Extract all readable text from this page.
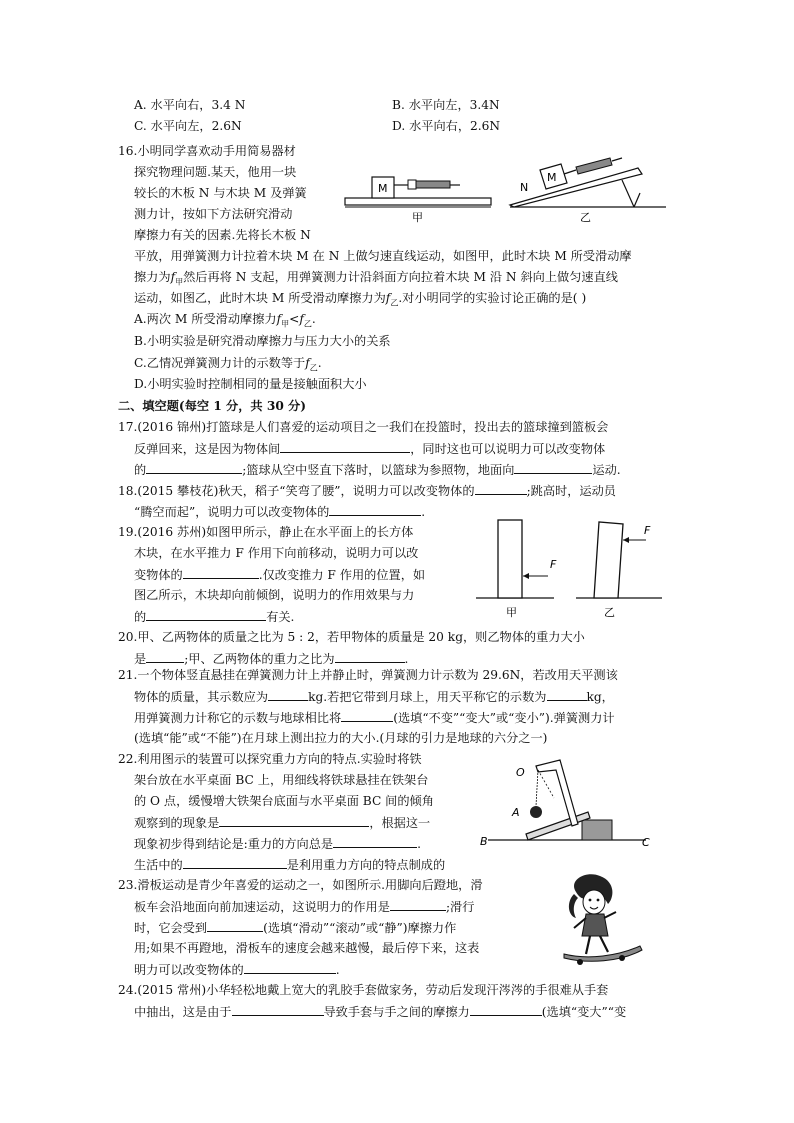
A. 水平向右，3.4 N	B. 水平向左，3.4N
C. 水平向左，2.6N	D. 水平向右，2.6N
16.小明同学喜欢动手用简易器材
探究物理问题.某天，他用一块
较长的木板 N 与木块 M 及弹簧
测力计，按如下方法研究滑动
摩擦力有关的因素.先将长木板 N
平放，用弹簧测力计拉着木块 M 在 N 上做匀速直线运动，如图甲，此时木块 M 所受滑动摩
擦力为$f_甲$然后再将 N 支起，用弹簧测力计沿斜面方向拉着木块 M 沿 N 斜向上做匀速直线
运动，如图乙，此时木块 M 所受滑动摩擦力为$f_乙$.对小明同学的实验讨论正确的是( )
A.两次 M 所受滑动摩擦力$f_甲<f_乙$.
B.小明实验是研究滑动摩擦力与压力大小的关系
C.乙情况弹簧测力计的示数等于$f_乙$.
D.小明实验时控制相同的量是接触面积大小
M
甲
N
M
乙
二、填空题(每空 1 分，共 30 分)
17.(2016 锦州)打篮球是人们喜爱的运动项目之一我们在投篮时，投出去的篮球撞到篮板会
反弹回来，这是因为物体间	，同时这也可以说明力可以改变物体
的	;篮球从空中竖直下落时，以篮球为参照物，地面向	运动.
18.(2015 攀枝花)秋天，稻子“笑弯了腰”，说明力可以改变物体的	;跳高时，运动员
“腾空而起”，说明力可以改变物体的	.
19.(2016 苏州)如图甲所示，静止在水平面上的长方体
木块，在水平推力 F 作用下向前移动，说明力可以改
变物体的	.仅改变推力 F 作用的位置，如
图乙所示，木块却向前倾倒，说明力的作用效果与力
的	有关.
F
甲
F
乙
20.甲、乙两物体的质量之比为 5 : 2，若甲物体的质量是 20 kg，则乙物体的重力大小
是	;甲、乙两物体的重力之比为	.
21.一个物体竖直悬挂在弹簧测力计上并静止时，弹簧测力计示数为 29.6N，若改用天平测该
物体的质量，其示数应为	kg.若把它带到月球上，用天平称它的示数为	kg，
用弹簧测力计称它的示数与地球相比将	(选填“不变”“变大”或“变小”).弹簧测力计
(选填“能”或“不能”)在月球上测出拉力的大小.(月球的引力是地球的六分之一)
22.利用图示的装置可以探究重力方向的特点.实验时将铁
架台放在水平桌面 BC 上，用细线将铁球悬挂在铁架台
的 O 点，缓慢增大铁架台底面与水平桌面 BC 间的倾角
观察到的现象是	，根据这一
现象初步得到结论是:重力的方向总是	.
生活中的	是利用重力方向的特点制成的
B	C
O
A
23.滑板运动是青少年喜爱的运动之一，如图所示.用脚向后蹬地，滑
板车会沿地面向前加速运动，这说明力的作用是	;滑行
时，它会受到	(选填“滑动”“滚动”或“静”)摩擦力作
用;如果不再蹬地，滑板车的速度会越来越慢，最后停下来，这表
明力可以改变物体的	.
24.(2015 常州)小华轻松地戴上宽大的乳胶手套做家务，劳动后发现汗涔涔的手很难从手套
中抽出，这是由于	导致手套与手之间的摩擦力	(选填“变大”“变
